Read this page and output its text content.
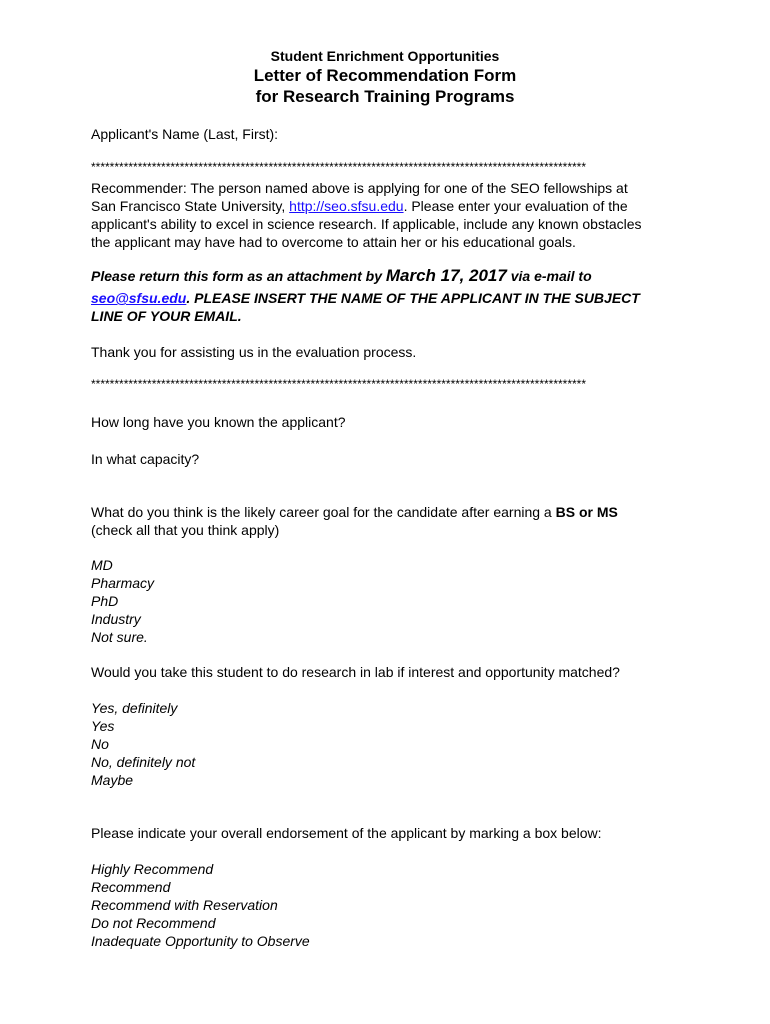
Student Enrichment Opportunities
Letter of Recommendation Form
for Research Training Programs
Applicant's Name (Last, First):
**********************************************************************************************************
Recommender: The person named above is applying for one of the SEO fellowships at
San Francisco State University, http://seo.sfsu.edu. Please enter your evaluation of the
applicant's ability to excel in science research. If applicable, include any known obstacles
the applicant may have had to overcome to attain her or his educational goals.
Please return this form as an attachment by March 17, 2017 via e-mail to
seo@sfsu.edu. PLEASE INSERT THE NAME OF THE APPLICANT IN THE SUBJECT
LINE OF YOUR EMAIL.
Thank you for assisting us in the evaluation process.
**********************************************************************************************************
How long have you known the applicant?
In what capacity?
What do you think is the likely career goal for the candidate after earning a BS or MS
(check all that you think apply)
MD
Pharmacy
PhD
Industry
Not sure.
Would you take this student to do research in lab if interest and opportunity matched?
Yes, definitely
Yes
No
No, definitely not
Maybe
Please indicate your overall endorsement of the applicant by marking a box below:
Highly Recommend
Recommend
Recommend with Reservation
Do not Recommend
Inadequate Opportunity to Observe
